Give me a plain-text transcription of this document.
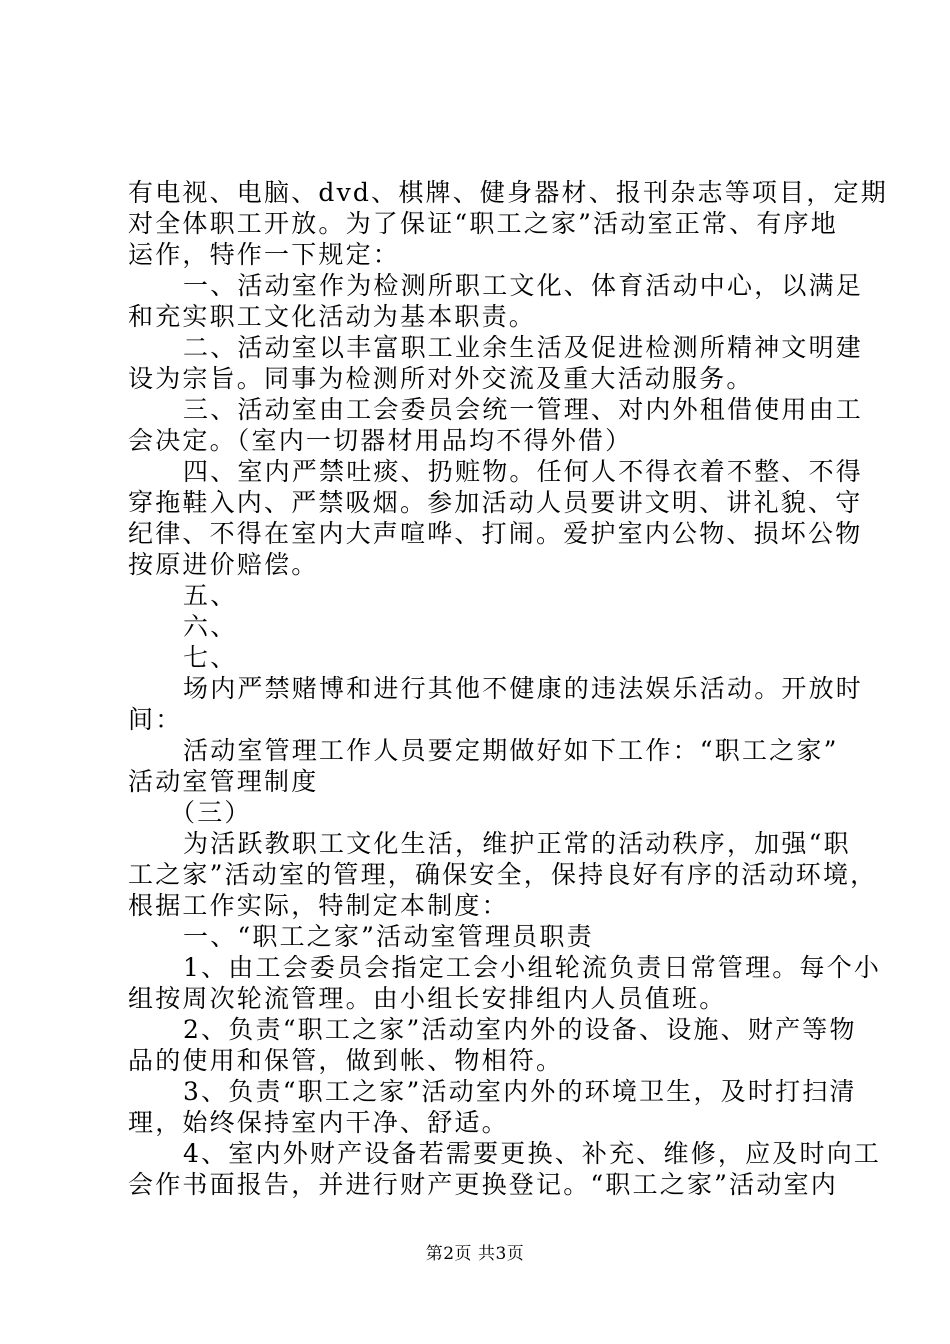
有电视、电脑、dvd、棋牌、健身器材、报刊杂志等项目，定期
对全体职工开放。为了保证“职工之家”活动室正常、有序地
运作，特作一下规定：
一、活动室作为检测所职工文化、体育活动中心，以满足
和充实职工文化活动为基本职责。
二、活动室以丰富职工业余生活及促进检测所精神文明建
设为宗旨。同事为检测所对外交流及重大活动服务。
三、活动室由工会委员会统一管理、对内外租借使用由工
会决定。（室内一切器材用品均不得外借）
四、室内严禁吐痰、扔赃物。任何人不得衣着不整、不得
穿拖鞋入内、严禁吸烟。参加活动人员要讲文明、讲礼貌、守
纪律、不得在室内大声喧哗、打闹。爱护室内公物、损坏公物
按原进价赔偿。
五、
六、
七、
场内严禁赌博和进行其他不健康的违法娱乐活动。开放时
间：
活动室管理工作人员要定期做好如下工作：“职工之家”
活动室管理制度
（三）
为活跃教职工文化生活，维护正常的活动秩序，加强“职
工之家”活动室的管理，确保安全，保持良好有序的活动环境，
根据工作实际，特制定本制度：
一、“职工之家”活动室管理员职责
1、由工会委员会指定工会小组轮流负责日常管理。每个小
组按周次轮流管理。由小组长安排组内人员值班。
2、负责“职工之家”活动室内外的设备、设施、财产等物
品的使用和保管，做到帐、物相符。
3、负责“职工之家”活动室内外的环境卫生，及时打扫清
理，始终保持室内干净、舒适。
4、室内外财产设备若需要更换、补充、维修，应及时向工
会作书面报告，并进行财产更换登记。“职工之家”活动室内
第2页 共3页
